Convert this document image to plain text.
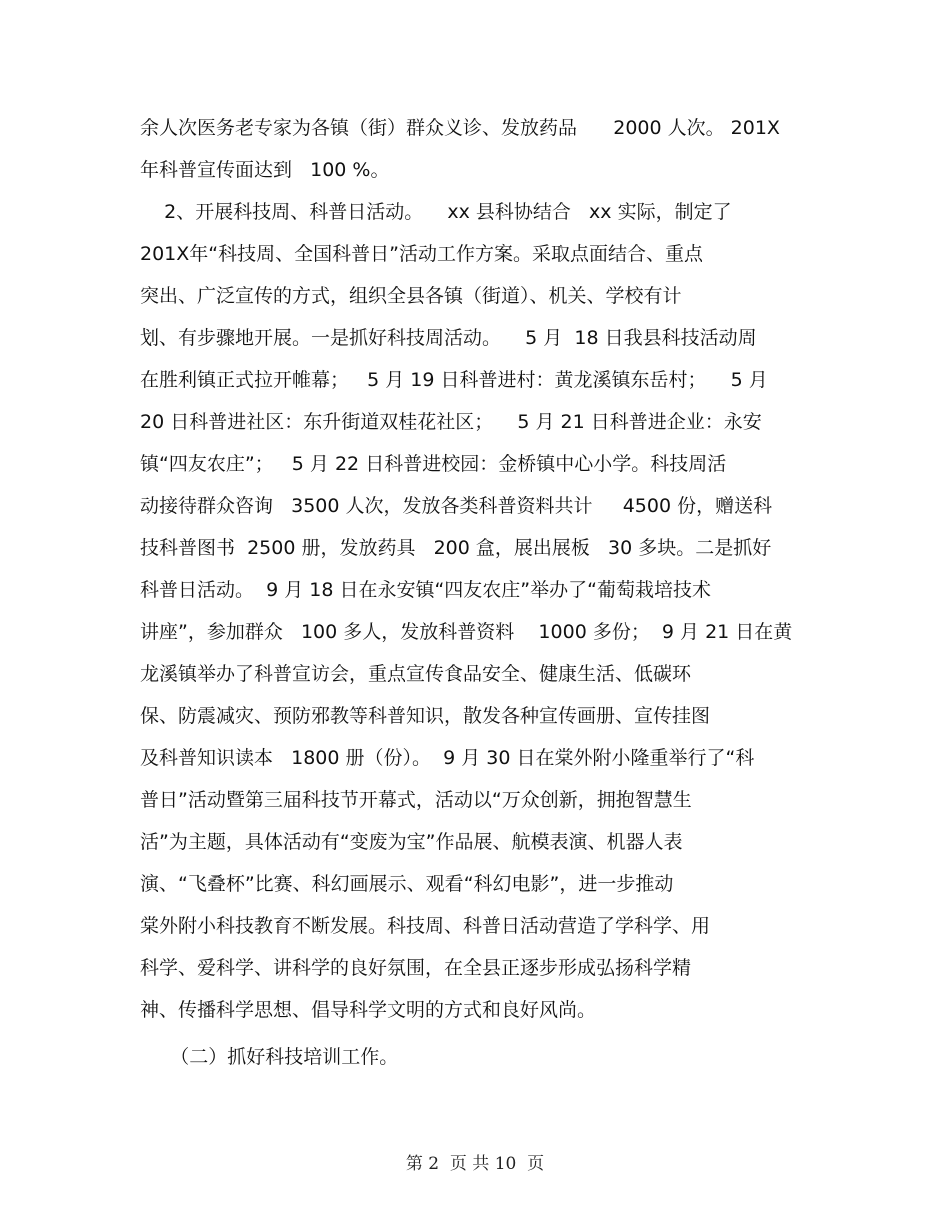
余人次医务老专家为各镇（街）群众义诊、发放药品      2000 人次。 201X
年科普宣传面达到   100 %。
2、开展科技周、科普日活动。    xx 县科协结合   xx 实际，制定了
201X年“科技周、全国科普日”活动工作方案。采取点面结合、重点
突出、广泛宣传的方式，组织全县各镇（街道）、机关、学校有计
划、有步骤地开展。一是抓好科技周活动。    5 月  18 日我县科技活动周
在胜利镇正式拉开帷幕；   5 月 19 日科普进村：黄龙溪镇东岳村；    5 月
20 日科普进社区：东升街道双桂花社区；    5 月 21 日科普进企业：永安
镇“四友农庄”；   5 月 22 日科普进校园：金桥镇中心小学。科技周活
动接待群众咨询   3500 人次，发放各类科普资料共计     4500 份，赠送科
技科普图书  2500 册，发放药具   200 盒，展出展板   30 多块。二是抓好
科普日活动。  9 月 18 日在永安镇“四友农庄”举办了“葡萄栽培技术
讲座”，参加群众   100 多人，发放科普资料    1000 多份；  9 月 21 日在黄
龙溪镇举办了科普宣访会，重点宣传食品安全、健康生活、低碳环
保、防震减灾、预防邪教等科普知识，散发各种宣传画册、宣传挂图
及科普知识读本   1800 册（份）。  9 月 30 日在棠外附小隆重举行了“科
普日”活动暨第三届科技节开幕式，活动以“万众创新，拥抱智慧生
活”为主题，具体活动有“变废为宝”作品展、航模表演、机器人表
演、“飞叠杯”比赛、科幻画展示、观看“科幻电影”，进一步推动
棠外附小科技教育不断发展。科技周、科普日活动营造了学科学、用
科学、爱科学、讲科学的良好氛围，在全县正逐步形成弘扬科学精
神、传播科学思想、倡导科学文明的方式和良好风尚。
（二）抓好科技培训工作。
第 2  页 共 10  页
